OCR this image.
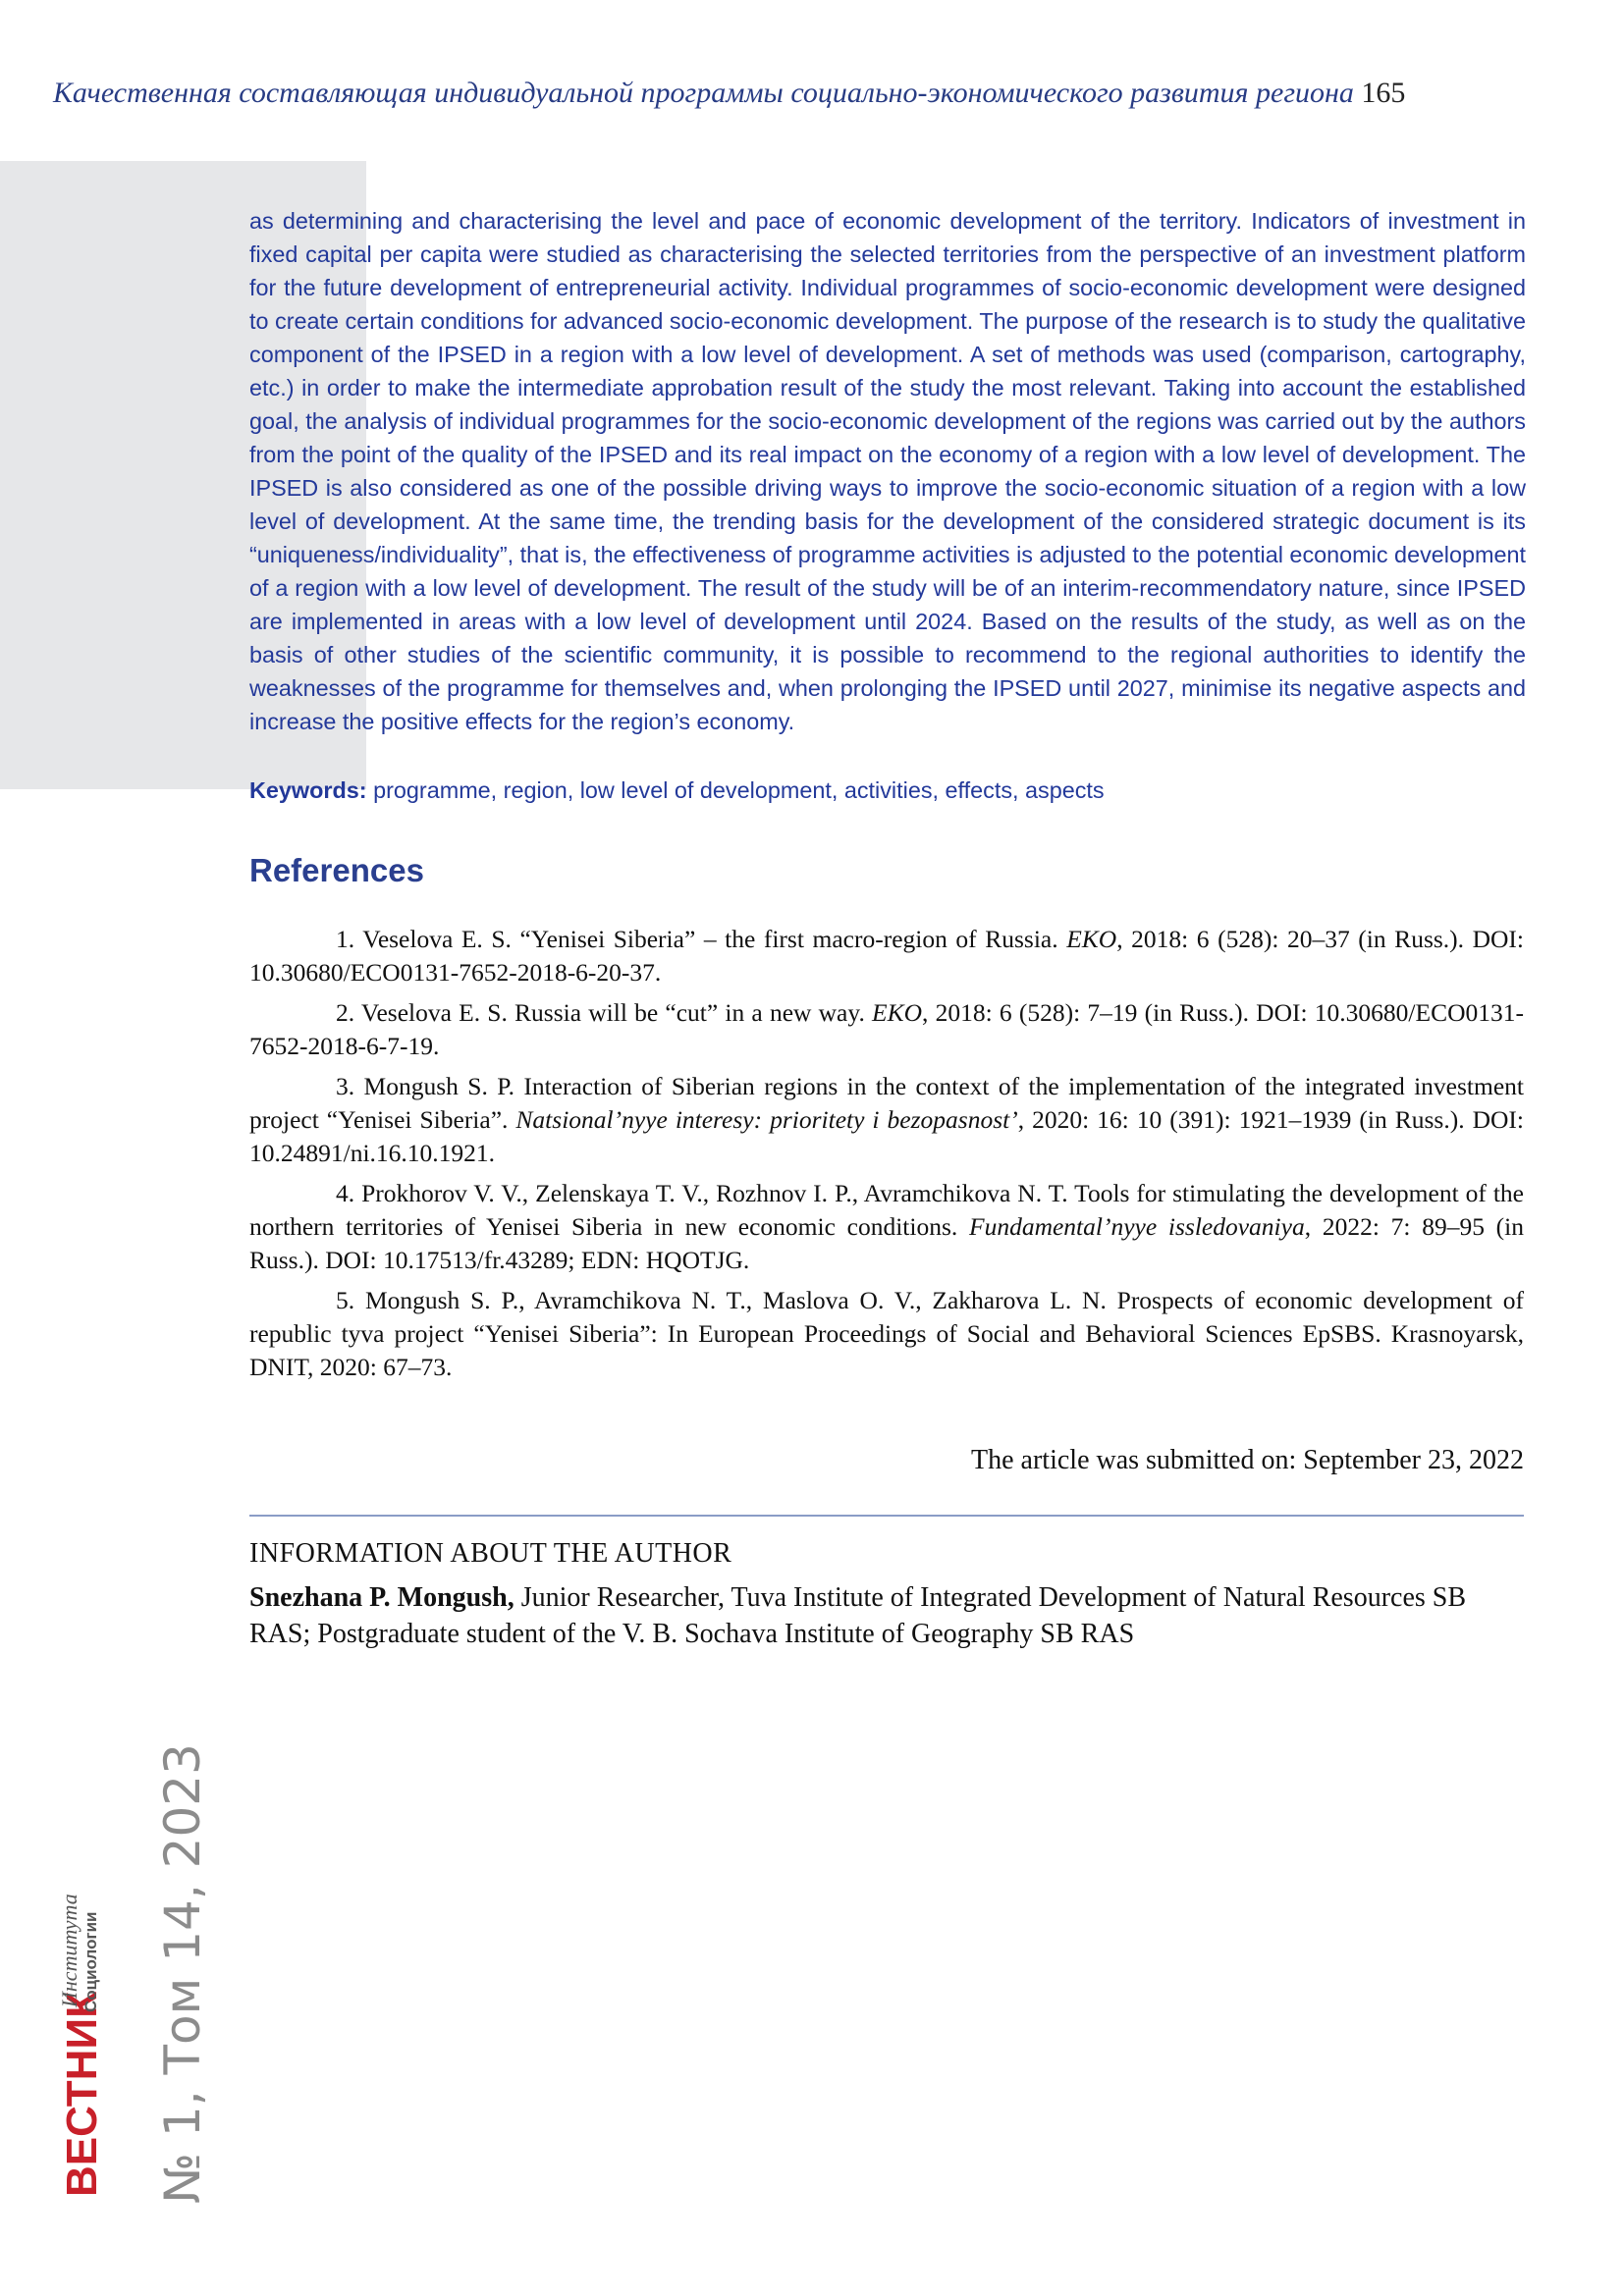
Качественная составляющая индивидуальной программы социально-экономического развития региона 165

as determining and characterising the level and pace of economic development of the territory. Indicators of investment in fixed capital per capita were studied as characterising the selected territories from the perspective of an investment platform for the future development of entrepreneurial activity. Individual programmes of socio-economic development were designed to create certain conditions for advanced socio-economic development. The purpose of the research is to study the qualitative component of the IPSED in a region with a low level of development. A set of methods was used (comparison, cartography, etc.) in order to make the intermediate approbation result of the study the most relevant. Taking into account the established goal, the analysis of individual programmes for the socio-economic development of the regions was carried out by the authors from the point of the quality of the IPSED and its real impact on the economy of a region with a low level of development. The IPSED is also considered as one of the possible driving ways to improve the socio-economic situation of a region with a low level of development. At the same time, the trending basis for the development of the considered strategic document is its “uniqueness/individuality”, that is, the effectiveness of programme activities is adjusted to the potential economic development of a region with a low level of development. The result of the study will be of an interim-recommendatory nature, since IPSED are implemented in areas with a low level of development until 2024. Based on the results of the study, as well as on the basis of other studies of the scientific community, it is possible to recommend to the regional authorities to identify the weaknesses of the programme for themselves and, when prolonging the IPSED until 2027, minimise its negative aspects and increase the positive effects for the region’s economy.

Keywords: programme, region, low level of development, activities, effects, aspects

References

1. Veselova E. S. “Yenisei Siberia” – the first macro-region of Russia. EKO, 2018: 6 (528): 20–37 (in Russ.). DOI: 10.30680/ECO0131-7652-2018-6-20-37.

2. Veselova E. S. Russia will be “cut” in a new way. EKO, 2018: 6 (528): 7–19 (in Russ.). DOI: 10.30680/ECO0131-7652-2018-6-7-19.

3. Mongush S. P. Interaction of Siberian regions in the context of the implementation of the integrated investment project “Yenisei Siberia”. Natsional’nyye interesy: prioritety i bezopasnost’, 2020: 16: 10 (391): 1921–1939 (in Russ.). DOI: 10.24891/ni.16.10.1921.

4. Prokhorov V. V., Zelenskaya T. V., Rozhnov I. P., Avramchikova N. T. Tools for stimulating the development of the northern territories of Yenisei Siberia in new economic conditions. Fundamental’nyye issledovaniya, 2022: 7: 89–95 (in Russ.). DOI: 10.17513/fr.43289; EDN: HQOTJG.

5. Mongush S. P., Avramchikova N. T., Maslova O. V., Zakharova L. N. Prospects of economic development of republic tyva project “Yenisei Siberia”: In European Proceedings of Social and Behavioral Sciences EpSBS. Krasnoyarsk, DNIT, 2020: 67–73.

The article was submitted on: September 23, 2022
INFORMATION ABOUT THE AUTHOR

Snezhana P. Mongush, Junior Researcher, Tuva Institute of Integrated Development of Natural Resources SB RAS; Postgraduate student of the V. B. Sochava Institute of Geography SB RAS

№ 1, Том 14, 2023
ВЕСТНИК
Института Социологии
